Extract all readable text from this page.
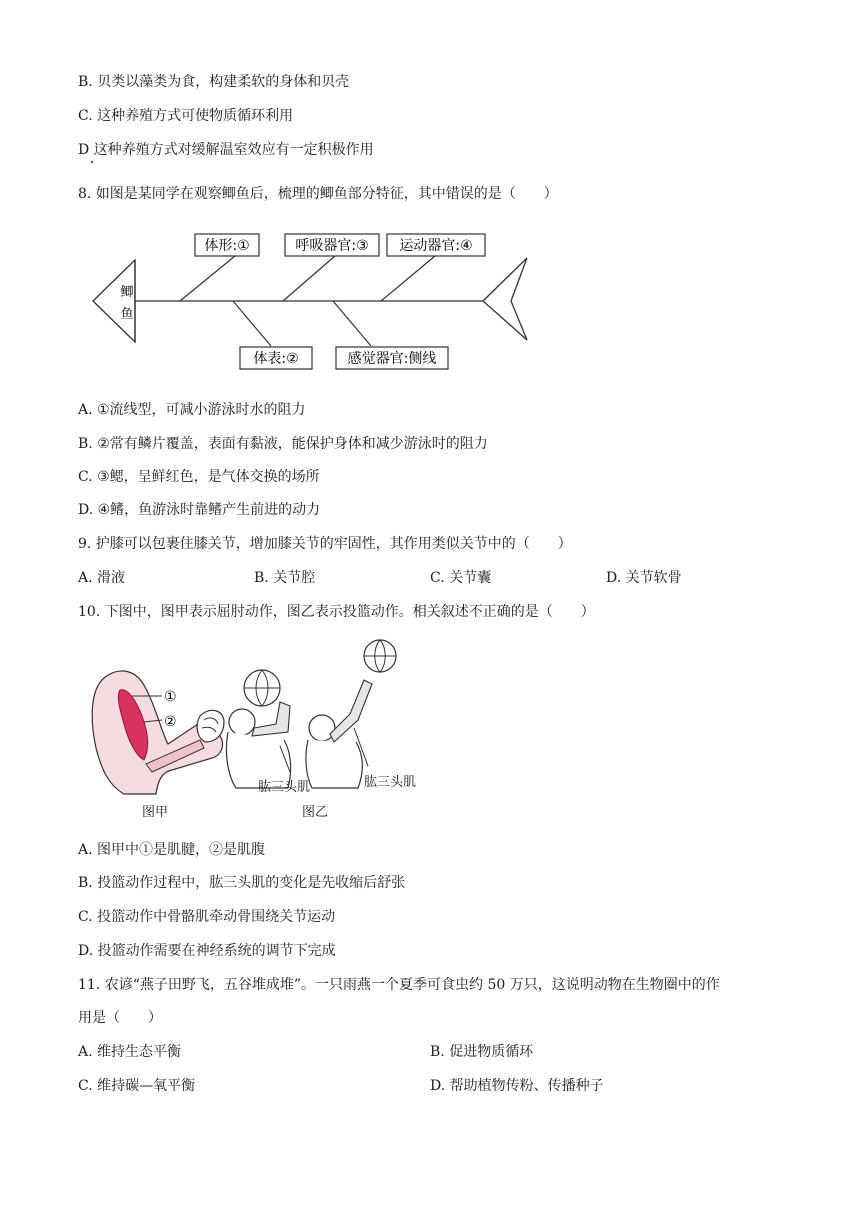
B. 贝类以藻类为食，构建柔软的身体和贝壳
C. 这种养殖方式可使物质循环利用
D 这种养殖方式对缓解温室效应有一定积极作用
8. 如图是某同学在观察鲫鱼后，梳理的鲫鱼部分特征，其中错误的是（　　）
体形:①	呼吸器官:③ 运动器官:④
体表:②	感觉器官:侧线
鲫
鱼
A. ①流线型，可减小游泳时水的阻力
B. ②常有鳞片覆盖，表面有黏液，能保护身体和减少游泳时的阻力
C. ③鳃，呈鲜红色，是气体交换的场所
D. ④鳍，鱼游泳时靠鳍产生前进的动力
9. 护膝可以包裹住膝关节，增加膝关节的牢固性，其作用类似关节中的（　　）
A. 滑液	B. 关节腔	C. 关节囊	D. 关节软骨
10. 下图中，图甲表示屈肘动作，图乙表示投篮动作。相关叙述不正确的是（　　）
①
②
图甲
肱三头肌	肱三头肌
图乙
A. 图甲中①是肌腱，②是肌腹
B. 投篮动作过程中，肱三头肌的变化是先收缩后舒张
C. 投篮动作中骨骼肌牵动骨围绕关节运动
D. 投篮动作需要在神经系统的调节下完成
11. 农谚“燕子田野飞，五谷堆成堆”。一只雨燕一个夏季可食虫约 50 万只，这说明动物在生物圈中的作
用是（　　）
A. 维持生态平衡	B. 促进物质循环
C. 维持碳—氧平衡	D. 帮助植物传粉、传播种子
